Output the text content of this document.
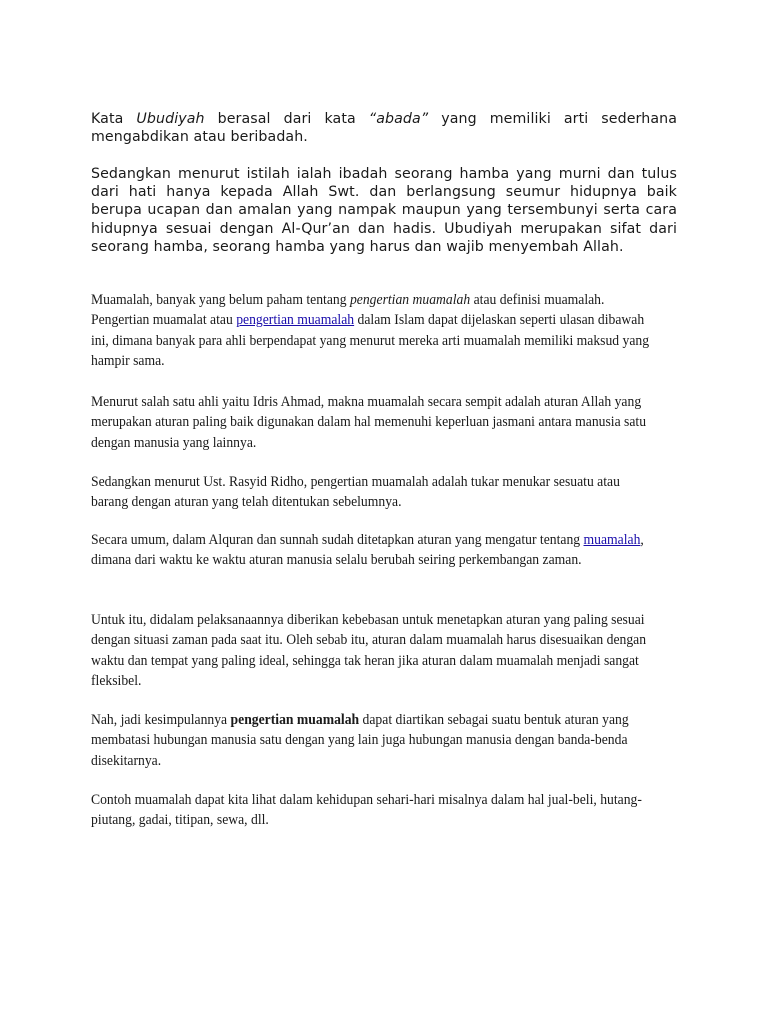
Kata Ubudiyah berasal dari kata “abada” yang memiliki arti sederhana mengabdikan atau beribadah.

Sedangkan menurut istilah ialah ibadah seorang hamba yang murni dan tulus dari hati hanya kepada Allah Swt. dan berlangsung seumur hidupnya baik berupa ucapan dan amalan yang nampak maupun yang tersembunyi serta cara hidupnya sesuai dengan Al-Qur’an dan hadis. Ubudiyah merupakan sifat dari seorang hamba, seorang hamba yang harus dan wajib menyembah Allah.

Muamalah, banyak yang belum paham tentang pengertian muamalah atau definisi muamalah. Pengertian muamalat atau pengertian muamalah dalam Islam dapat dijelaskan seperti ulasan dibawah ini, dimana banyak para ahli berpendapat yang menurut mereka arti muamalah memiliki maksud yang hampir sama.

Menurut salah satu ahli yaitu Idris Ahmad, makna muamalah secara sempit adalah aturan Allah yang merupakan aturan paling baik digunakan dalam hal memenuhi keperluan jasmani antara manusia satu dengan manusia yang lainnya.

Sedangkan menurut Ust. Rasyid Ridho, pengertian muamalah adalah tukar menukar sesuatu atau barang dengan aturan yang telah ditentukan sebelumnya.

Secara umum, dalam Alquran dan sunnah sudah ditetapkan aturan yang mengatur tentang muamalah, dimana dari waktu ke waktu aturan manusia selalu berubah seiring perkembangan zaman.

Untuk itu, didalam pelaksanaannya diberikan kebebasan untuk menetapkan aturan yang paling sesuai dengan situasi zaman pada saat itu. Oleh sebab itu, aturan dalam muamalah harus disesuaikan dengan waktu dan tempat yang paling ideal, sehingga tak heran jika aturan dalam muamalah menjadi sangat fleksibel.

Nah, jadi kesimpulannya pengertian muamalah dapat diartikan sebagai suatu bentuk aturan yang membatasi hubungan manusia satu dengan yang lain juga hubungan manusia dengan banda-benda disekitarnya.

Contoh muamalah dapat kita lihat dalam kehidupan sehari-hari misalnya dalam hal jual-beli, hutang-piutang, gadai, titipan, sewa, dll.
